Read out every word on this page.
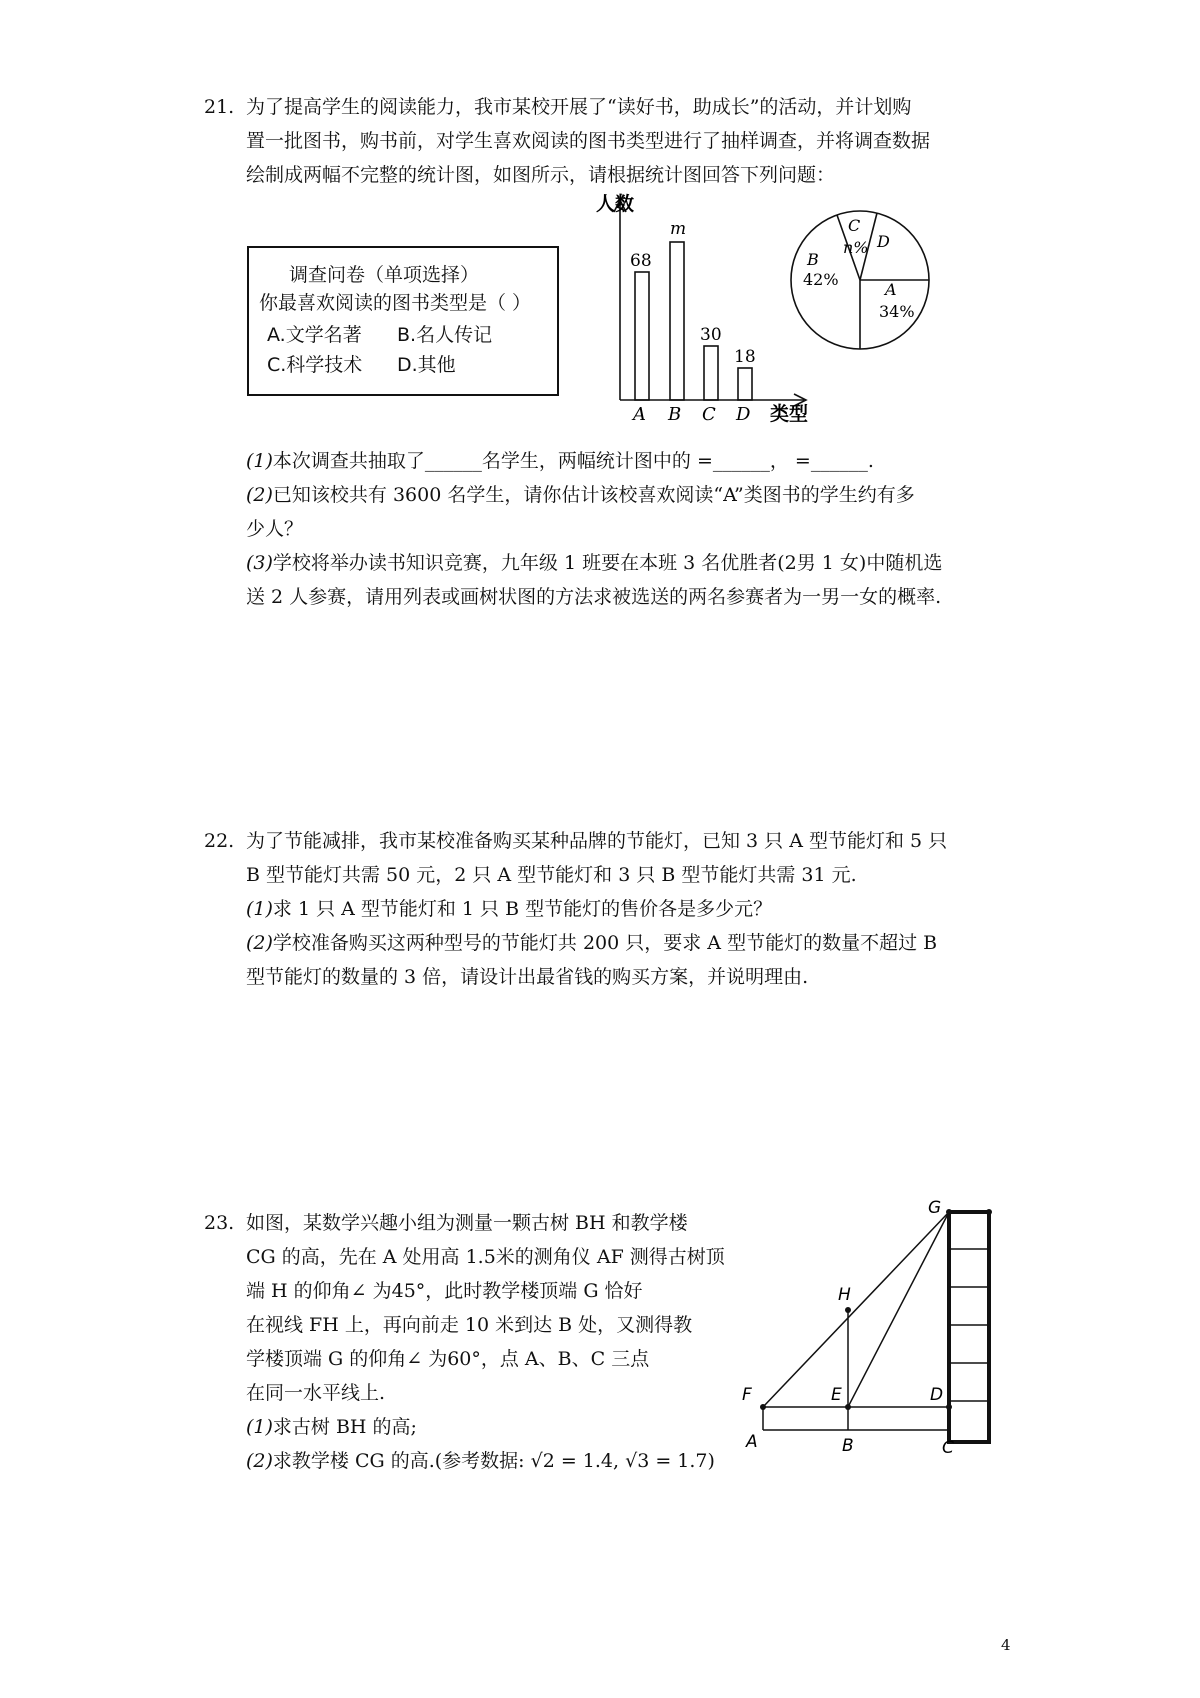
21. 为了提高学生的阅读能力，我市某校开展了“读好书，助成长”的活动，并计划购
置一批图书，购书前，对学生喜欢阅读的图书类型进行了抽样调查，并将调查数据
绘制成两幅不完整的统计图，如图所示，请根据统计图回答下列问题：
调查问卷（单项选择）
你最喜欢阅读的图书类型是（ ）
A.文学名著 B.名人传记
C.科学技术 D.其他
人数
类型
68
m
30
18
A B C D
C
n% D
B
42%
A
34%
(1)本次调查共抽取了______名学生，两幅统计图中的 =______， =______.
(2)已知该校共有 3600 名学生，请你估计该校喜欢阅读“A”类图书的学生约有多
少人？
(3)学校将举办读书知识竞赛，九年级 1 班要在本班 3 名优胜者(2男 1 女)中随机选
送 2 人参赛，请用列表或画树状图的方法求被选送的两名参赛者为一男一女的概率.
22. 为了节能减排，我市某校准备购买某种品牌的节能灯，已知 3 只 A 型节能灯和 5 只
B 型节能灯共需 50 元，2 只 A 型节能灯和 3 只 B 型节能灯共需 31 元.
(1)求 1 只 A 型节能灯和 1 只 B 型节能灯的售价各是多少元？
(2)学校准备购买这两种型号的节能灯共 200 只，要求 A 型节能灯的数量不超过 B
型节能灯的数量的 3 倍，请设计出最省钱的购买方案，并说明理由.
23. 如图，某数学兴趣小组为测量一颗古树 BH 和教学楼
CG 的高，先在 A 处用高 1.5米的测角仪 AF 测得古树顶
端 H 的仰角∠ 为45°，此时教学楼顶端 G 恰好
在视线 FH 上，再向前走 10 米到达 B 处，又测得教
学楼顶端 G 的仰角∠ 为60°，点 A、B、C 三点
在同一水平线上.
(1)求古树 BH 的高;
(2)求教学楼 CG 的高.(参考数据: √2 = 1.4, √3 = 1.7)
G
H
F	E	D
A	B	C
4
